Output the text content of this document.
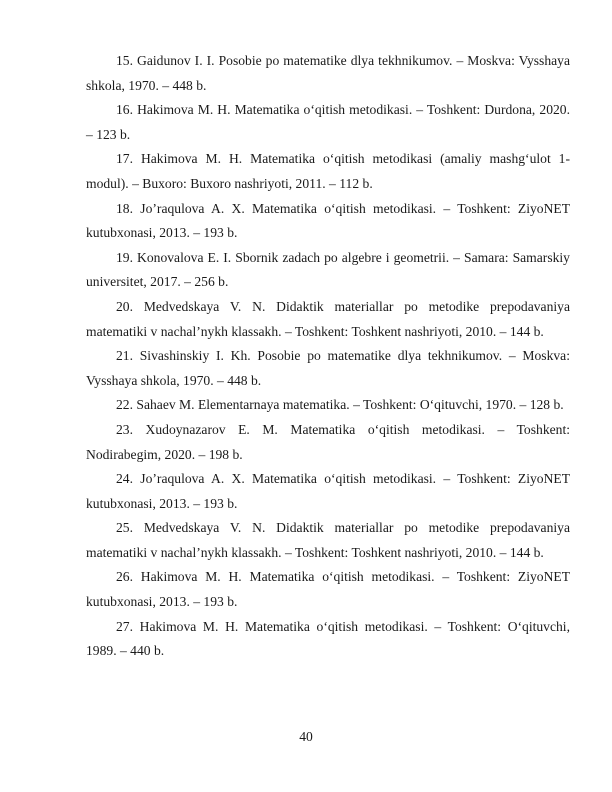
15. Gaidunov I. I. Posobie po matematike dlya tekhnikumov. – Moskva: Vysshaya shkola, 1970. – 448 b.
16. Hakimova M. H. Matematika o‘qitish metodikasi. – Toshkent: Durdona, 2020. – 123 b.
17. Hakimova M. H. Matematika o‘qitish metodikasi (amaliy mashg‘ulot 1-modul). – Buxoro: Buxoro nashriyoti, 2011. – 112 b.
18. Jo’raqulova A. X. Matematika o‘qitish metodikasi. – Toshkent: ZiyoNET kutubxonasi, 2013. – 193 b.
19. Konovalova E. I. Sbornik zadach po algebre i geometrii. – Samara: Samarskiy universitet, 2017. – 256 b.
20. Medvedskaya V. N. Didaktik materiallar po metodike prepodavaniya matematiki v nachal’nykh klassakh. – Toshkent: Toshkent nashriyoti, 2010. – 144 b.
21. Sivashinskiy I. Kh. Posobie po matematike dlya tekhnikumov. – Moskva: Vysshaya shkola, 1970. – 448 b.
22. Sahaev M. Elementarnaya matematika. – Toshkent: O‘qituvchi, 1970. – 128 b.
23. Xudoynazarov E. M. Matematika o‘qitish metodikasi. – Toshkent: Nodirabegim, 2020. – 198 b.
24. Jo’raqulova A. X. Matematika o‘qitish metodikasi. – Toshkent: ZiyoNET kutubxonasi, 2013. – 193 b.
25. Medvedskaya V. N. Didaktik materiallar po metodike prepodavaniya matematiki v nachal’nykh klassakh. – Toshkent: Toshkent nashriyoti, 2010. – 144 b.
26. Hakimova M. H. Matematika o‘qitish metodikasi. – Toshkent: ZiyoNET kutubxonasi, 2013. – 193 b.
27. Hakimova M. H. Matematika o‘qitish metodikasi. – Toshkent: O‘qituvchi, 1989. – 440 b.
40
